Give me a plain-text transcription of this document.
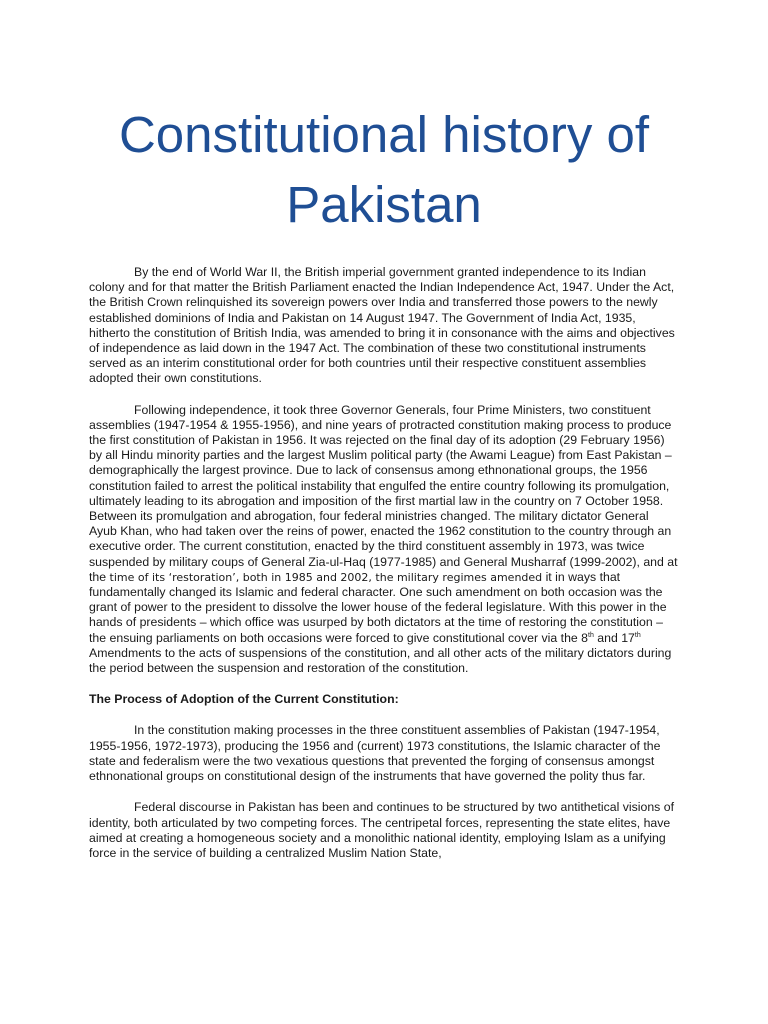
Constitutional history of Pakistan

By the end of World War II, the British imperial government granted independence to its Indian colony and for that matter the British Parliament enacted the Indian Independence Act, 1947. Under the Act, the British Crown relinquished its sovereign powers over India and transferred those powers to the newly established dominions of India and Pakistan on 14 August 1947. The Government of India Act, 1935, hitherto the constitution of British India, was amended to bring it in consonance with the aims and objectives of independence as laid down in the 1947 Act. The combination of these two constitutional instruments served as an interim constitutional order for both countries until their respective constituent assemblies adopted their own constitutions.

Following independence, it took three Governor Generals, four Prime Ministers, two constituent assemblies (1947-1954 & 1955-1956), and nine years of protracted constitution making process to produce the first constitution of Pakistan in 1956. It was rejected on the final day of its adoption (29 February 1956) by all Hindu minority parties and the largest Muslim political party (the Awami League) from East Pakistan – demographically the largest province. Due to lack of consensus among ethnonational groups, the 1956 constitution failed to arrest the political instability that engulfed the entire country following its promulgation, ultimately leading to its abrogation and imposition of the first martial law in the country on 7 October 1958. Between its promulgation and abrogation, four federal ministries changed. The military dictator General Ayub Khan, who had taken over the reins of power, enacted the 1962 constitution to the country through an executive order. The current constitution, enacted by the third constituent assembly in 1973, was twice suspended by military coups of General Zia-ul-Haq (1977-1985) and General Musharraf (1999-2002), and at the time of its ‘restoration’, both in 1985 and 2002, the military regimes amended it in ways that fundamentally changed its Islamic and federal character. One such amendment on both occasion was the grant of power to the president to dissolve the lower house of the federal legislature. With this power in the hands of presidents – which office was usurped by both dictators at the time of restoring the constitution – the ensuing parliaments on both occasions were forced to give constitutional cover via the 8th and 17th Amendments to the acts of suspensions of the constitution, and all other acts of the military dictators during the period between the suspension and restoration of the constitution.

The Process of Adoption of the Current Constitution:

In the constitution making processes in the three constituent assemblies of Pakistan (1947-1954, 1955-1956, 1972-1973), producing the 1956 and (current) 1973 constitutions, the Islamic character of the state and federalism were the two vexatious questions that prevented the forging of consensus amongst ethnonational groups on constitutional design of the instruments that have governed the polity thus far.

Federal discourse in Pakistan has been and continues to be structured by two antithetical visions of identity, both articulated by two competing forces. The centripetal forces, representing the state elites, have aimed at creating a homogeneous society and a monolithic national identity, employing Islam as a unifying force in the service of building a centralized Muslim Nation State,
